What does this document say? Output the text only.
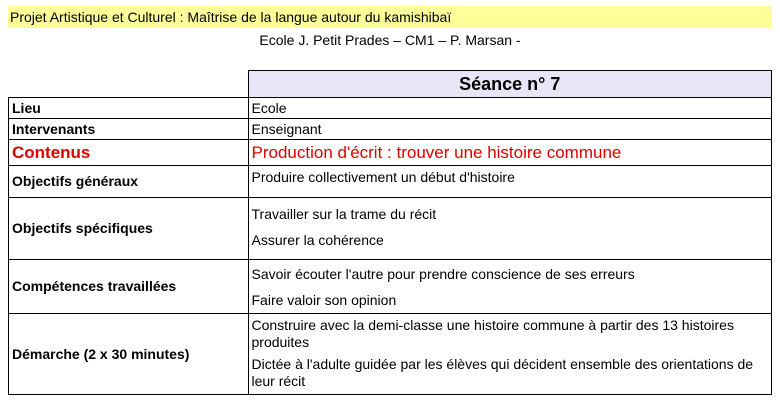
Projet Artistique et Culturel : Maîtrise de la langue autour du kamishibaï
Ecole J. Petit Prades – CM1 – P. Marsan -
	Séance n° 7
Lieu	Ecole
Intervenants	Enseignant
Contenus	Production d'écrit : trouver une histoire commune
Objectifs généraux	Produire collectivement un début d'histoire
Objectifs spécifiques	Travailler sur la trame du récit
Assurer la cohérence

Compétences travaillées	Savoir écouter l'autre pour prendre conscience de ses erreurs
Faire valoir son opinion

Démarche (2 x 30 minutes)	Construire avec la demi-classe une histoire commune à partir des 13 histoires produites
Dictée à l'adulte guidée par les élèves qui décident ensemble des orientations de leur récit
